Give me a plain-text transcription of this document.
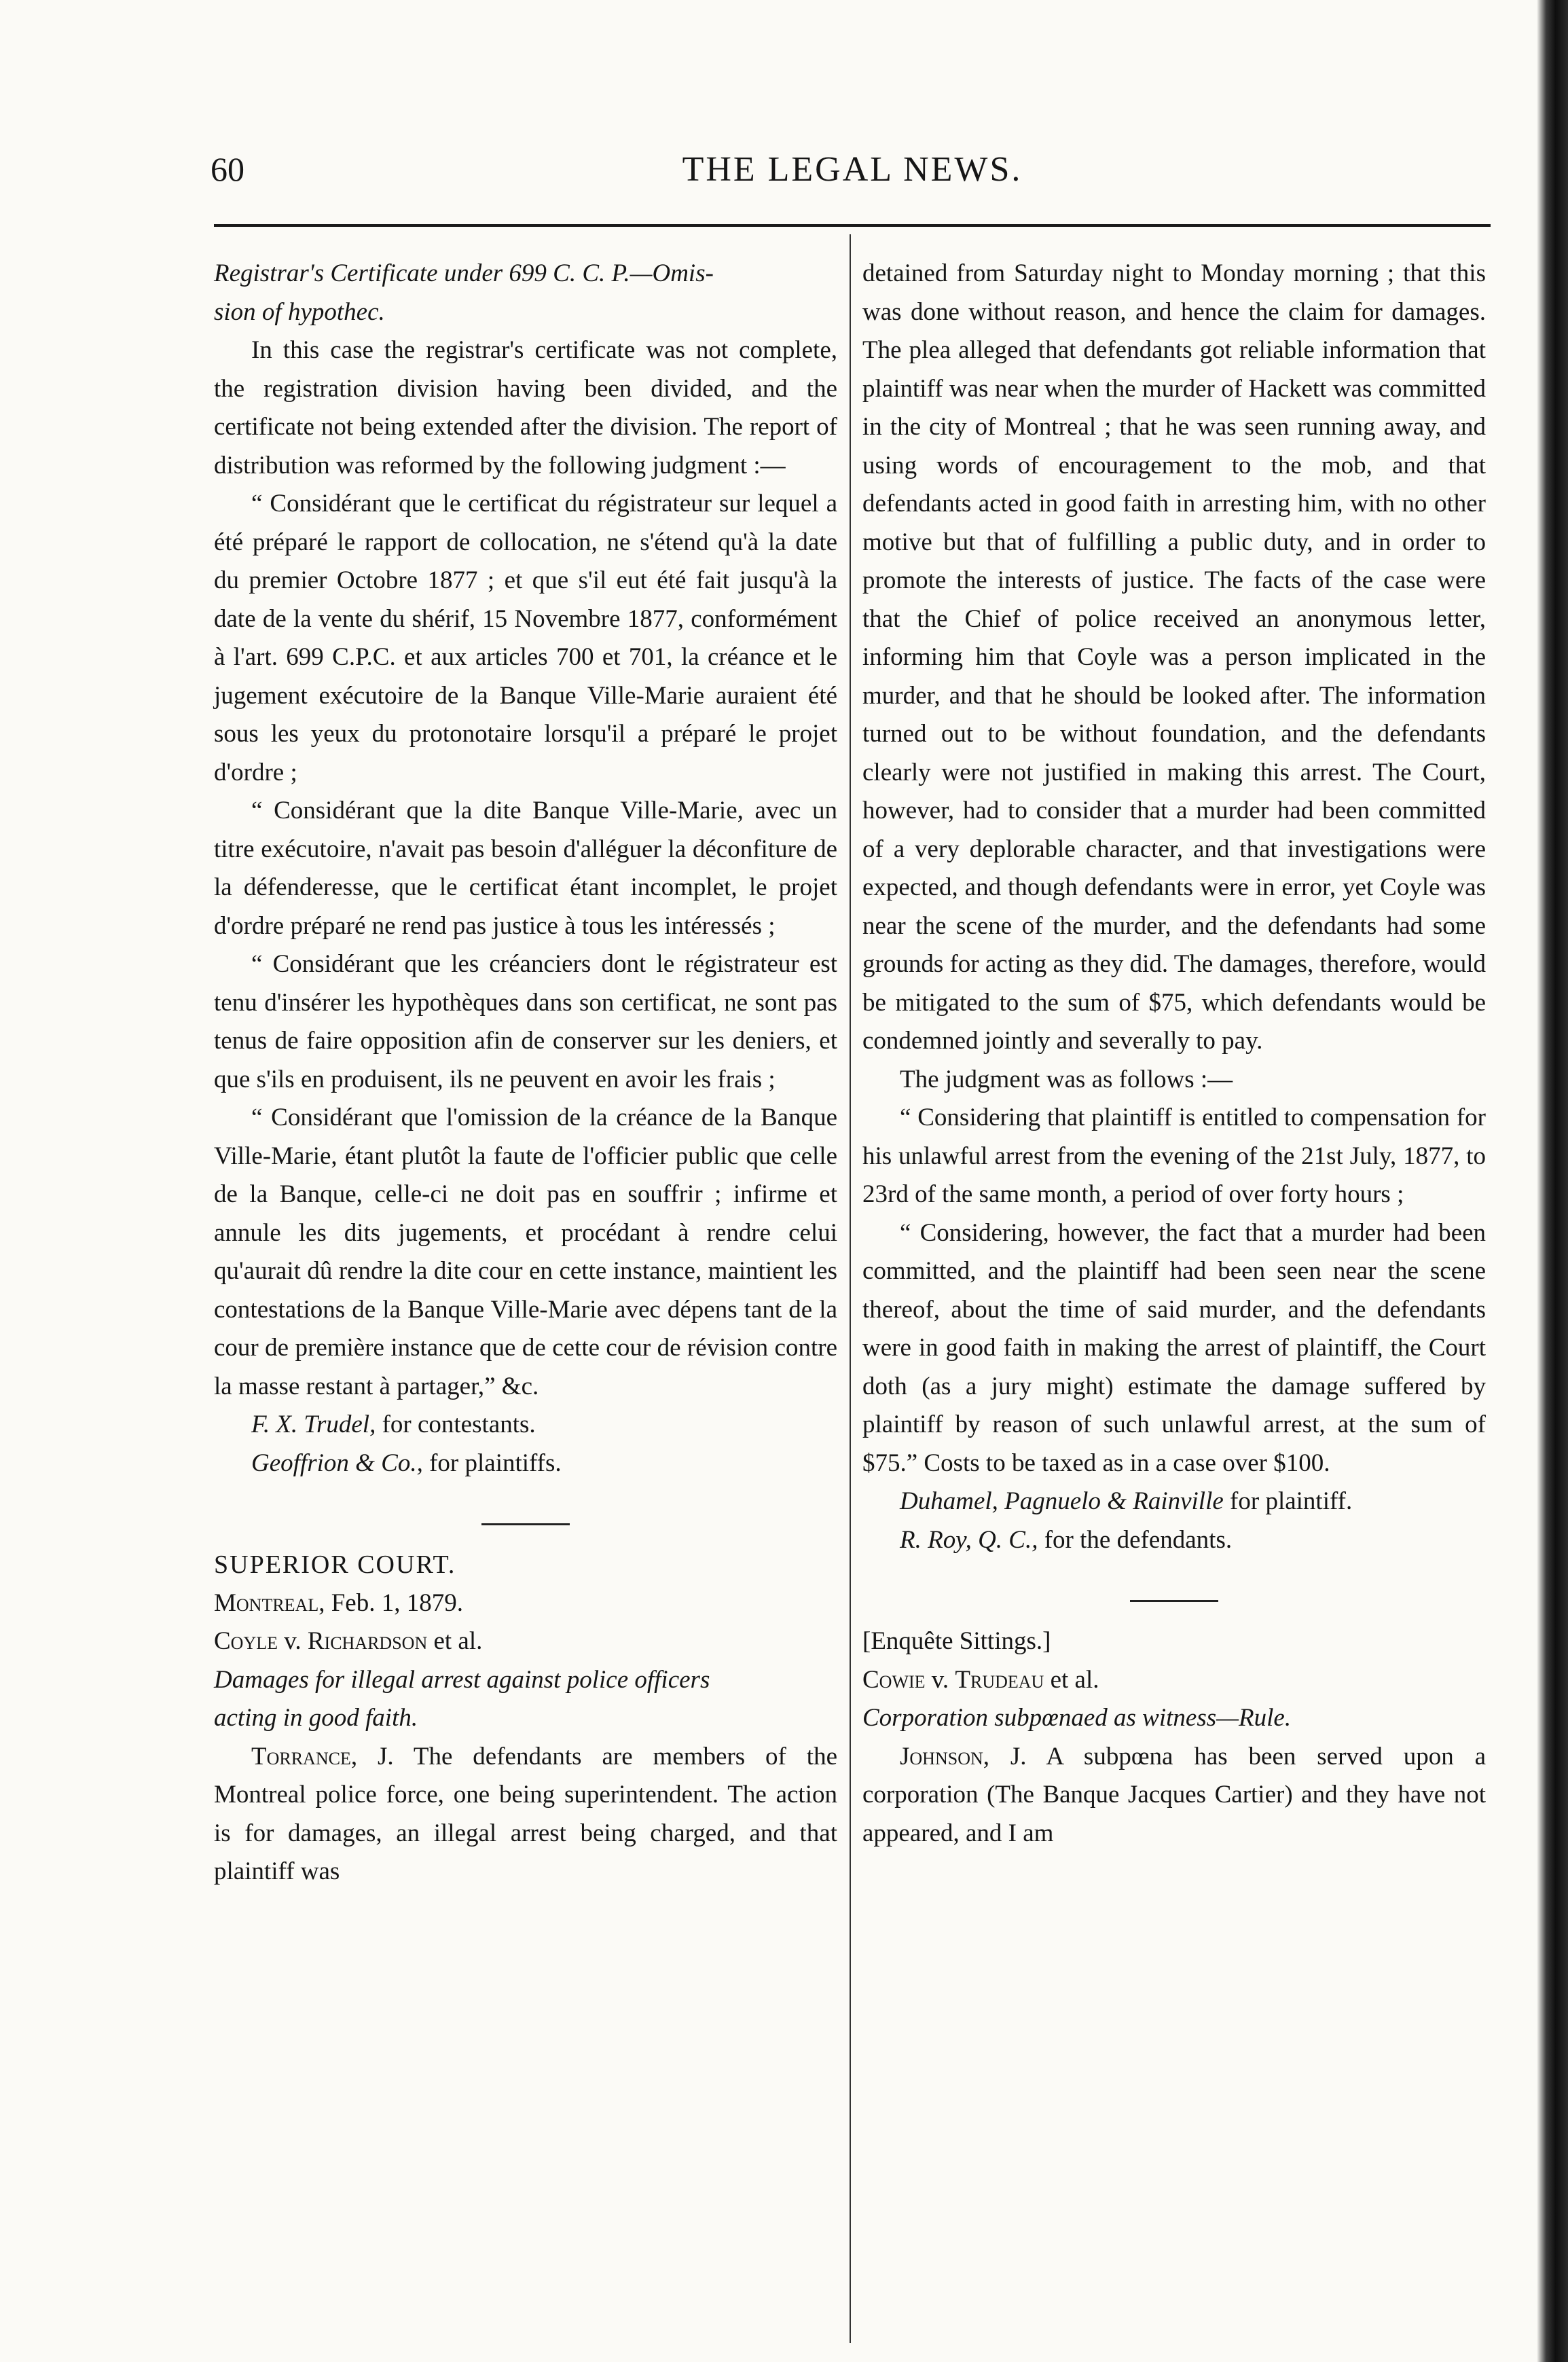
60	THE LEGAL NEWS.

Registrar's Certificate under 699 C. C. P.—Omis-
sion of hypothec.

In this case the registrar's certificate was not complete, the registration division having been divided, and the certificate not being extended after the division. The report of distribution was reformed by the following judgment :—

“ Considérant que le certificat du régistrateur sur lequel a été préparé le rapport de collocation, ne s'étend qu'à la date du premier Octobre 1877 ; et que s'il eut été fait jusqu'à la date de la vente du shérif, 15 Novembre 1877, conformément à l'art. 699 C.P.C. et aux articles 700 et 701, la créance et le jugement exécutoire de la Banque Ville-Marie auraient été sous les yeux du protonotaire lorsqu'il a préparé le projet d'ordre ;

“ Considérant que la dite Banque Ville-Marie, avec un titre exécutoire, n'avait pas besoin d'alléguer la déconfiture de la défenderesse, que le certificat étant incomplet, le projet d'ordre préparé ne rend pas justice à tous les intéressés ;

“ Considérant que les créanciers dont le régistrateur est tenu d'insérer les hypothèques dans son certificat, ne sont pas tenus de faire opposition afin de conserver sur les deniers, et que s'ils en produisent, ils ne peuvent en avoir les frais ;

“ Considérant que l'omission de la créance de la Banque Ville-Marie, étant plutôt la faute de l'officier public que celle de la Banque, celle-ci ne doit pas en souffrir ; infirme et annule les dits jugements, et procédant à rendre celui qu'aurait dû rendre la dite cour en cette instance, maintient les contestations de la Banque Ville-Marie avec dépens tant de la cour de première instance que de cette cour de révision contre la masse restant à partager,” &c.

F. X. Trudel, for contestants.

Geoffrion & Co., for plaintiffs.

SUPERIOR COURT.

Montreal, Feb. 1, 1879.

Coyle v. Richardson et al.

Damages for illegal arrest against police officers
acting in good faith.

Torrance, J. The defendants are members of the Montreal police force, one being superintendent. The action is for damages, an illegal arrest being charged, and that plaintiff was

detained from Saturday night to Monday morning ; that this was done without reason, and hence the claim for damages. The plea alleged that defendants got reliable information that plaintiff was near when the murder of Hackett was committed in the city of Montreal ; that he was seen running away, and using words of encouragement to the mob, and that defendants acted in good faith in arresting him, with no other motive but that of fulfilling a public duty, and in order to promote the interests of justice. The facts of the case were that the Chief of police received an anonymous letter, informing him that Coyle was a person implicated in the murder, and that he should be looked after. The information turned out to be without foundation, and the defendants clearly were not justified in making this arrest. The Court, however, had to consider that a murder had been committed of a very deplorable character, and that investigations were expected, and though defendants were in error, yet Coyle was near the scene of the murder, and the defendants had some grounds for acting as they did. The damages, therefore, would be mitigated to the sum of $75, which defendants would be condemned jointly and severally to pay.

The judgment was as follows :—

“ Considering that plaintiff is entitled to compensation for his unlawful arrest from the evening of the 21st July, 1877, to 23rd of the same month, a period of over forty hours ;

“ Considering, however, the fact that a murder had been committed, and the plaintiff had been seen near the scene thereof, about the time of said murder, and the defendants were in good faith in making the arrest of plaintiff, the Court doth (as a jury might) estimate the damage suffered by plaintiff by reason of such unlawful arrest, at the sum of $75.” Costs to be taxed as in a case over $100.

Duhamel, Pagnuelo & Rainville for plaintiff.

R. Roy, Q. C., for the defendants.

[Enquête Sittings.]

Cowie v. Trudeau et al.

Corporation subpœnaed as witness—Rule.

Johnson, J. A subpœna has been served upon a corporation (The Banque Jacques Cartier) and they have not appeared, and I am
